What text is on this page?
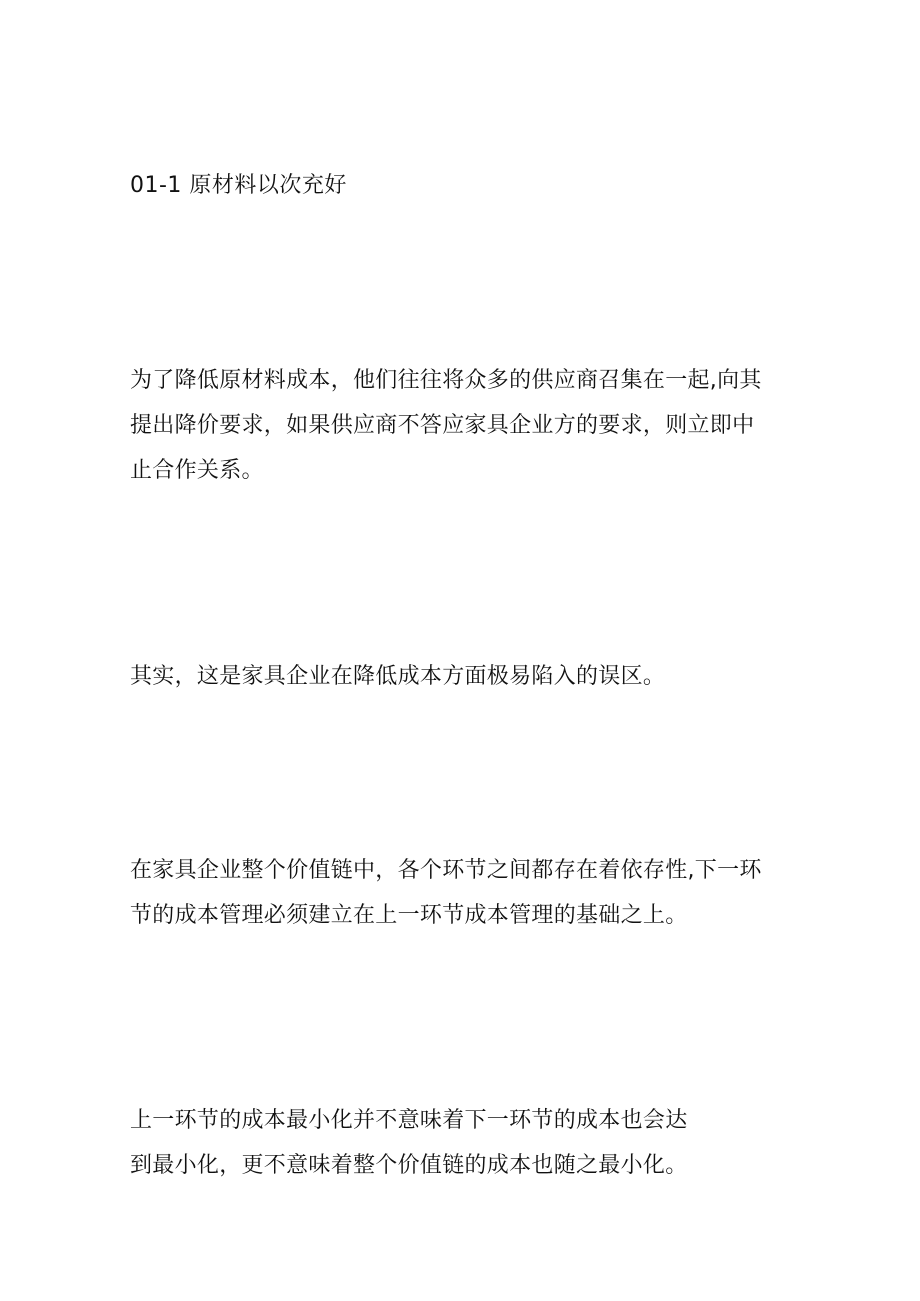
01-1 原材料以次充好
为了降低原材料成本，他们往往将众多的供应商召集在一起,向其
提出降价要求，如果供应商不答应家具企业方的要求，则立即中
止合作关系。
其实，这是家具企业在降低成本方面极易陷入的误区。
在家具企业整个价值链中，各个环节之间都存在着依存性,下一环
节的成本管理必须建立在上一环节成本管理的基础之上。
上一环节的成本最小化并不意味着下一环节的成本也会达
到最小化，更不意味着整个价值链的成本也随之最小化。
